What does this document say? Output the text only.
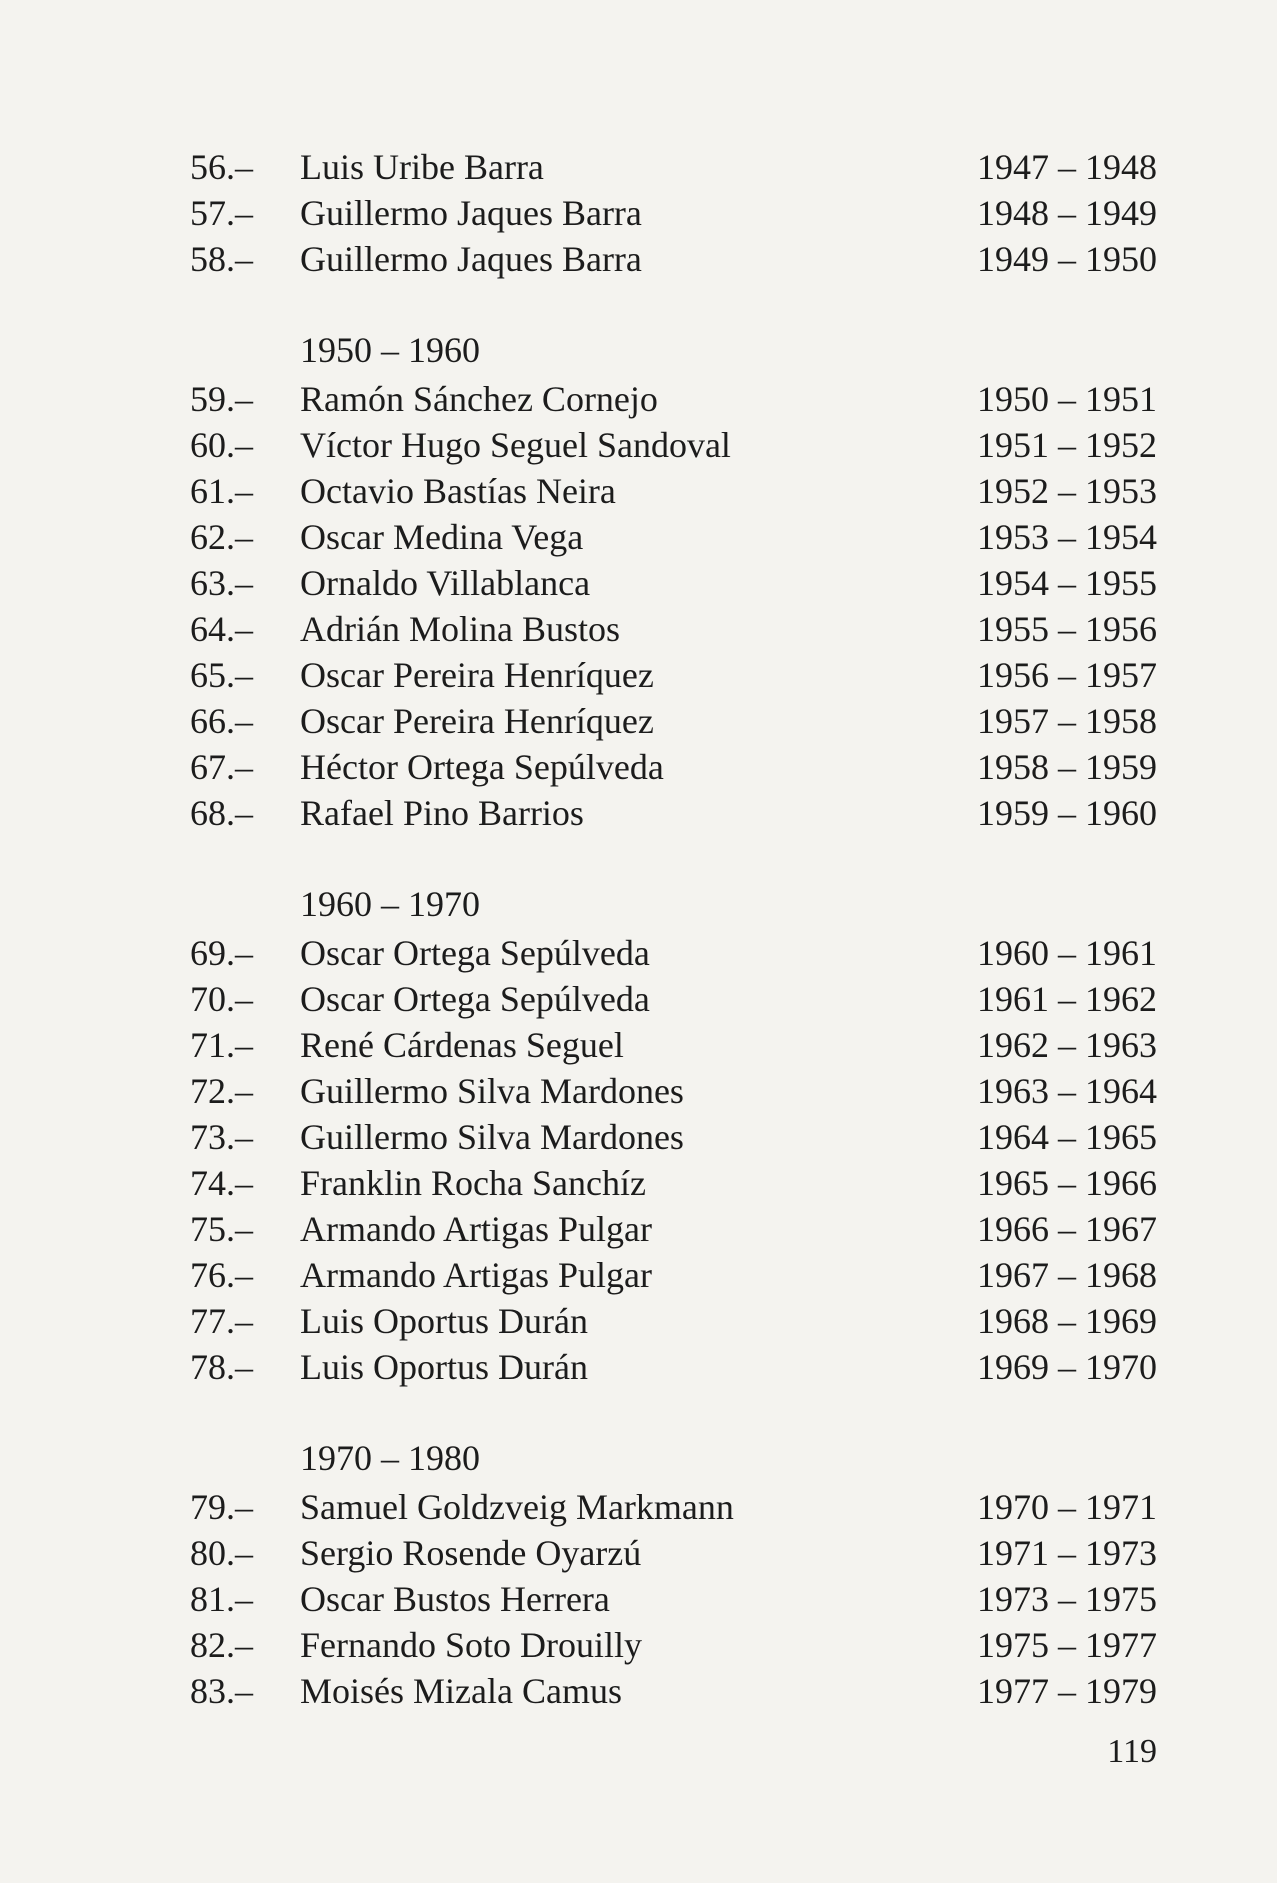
56.– Luis Uribe Barra	1947 – 1948
57.– Guillermo Jaques Barra	1948 – 1949
58.– Guillermo Jaques Barra	1949 – 1950
1950 – 1960
59.– Ramón Sánchez Cornejo	1950 – 1951
60.– Víctor Hugo Seguel Sandoval	1951 – 1952
61.– Octavio Bastías Neira	1952 – 1953
62.– Oscar Medina Vega	1953 – 1954
63.– Ornaldo Villablanca	1954 – 1955
64.– Adrián Molina Bustos	1955 – 1956
65.– Oscar Pereira Henríquez	1956 – 1957
66.– Oscar Pereira Henríquez	1957 – 1958
67.– Héctor Ortega Sepúlveda	1958 – 1959
68.– Rafael Pino Barrios	1959 – 1960
1960 – 1970
69.– Oscar Ortega Sepúlveda	1960 – 1961
70.– Oscar Ortega Sepúlveda	1961 – 1962
71.– René Cárdenas Seguel	1962 – 1963
72.– Guillermo Silva Mardones	1963 – 1964
73.– Guillermo Silva Mardones	1964 – 1965
74.– Franklin Rocha Sanchíz	1965 – 1966
75.– Armando Artigas Pulgar	1966 – 1967
76.– Armando Artigas Pulgar	1967 – 1968
77.– Luis Oportus Durán	1968 – 1969
78.– Luis Oportus Durán	1969 – 1970
1970 – 1980
79.– Samuel Goldzveig Markmann	1970 – 1971
80.– Sergio Rosende Oyarzú	1971 – 1973
81.– Oscar Bustos Herrera	1973 – 1975
82.– Fernando Soto Drouilly	1975 – 1977
83.– Moisés Mizala Camus	1977 – 1979
119
